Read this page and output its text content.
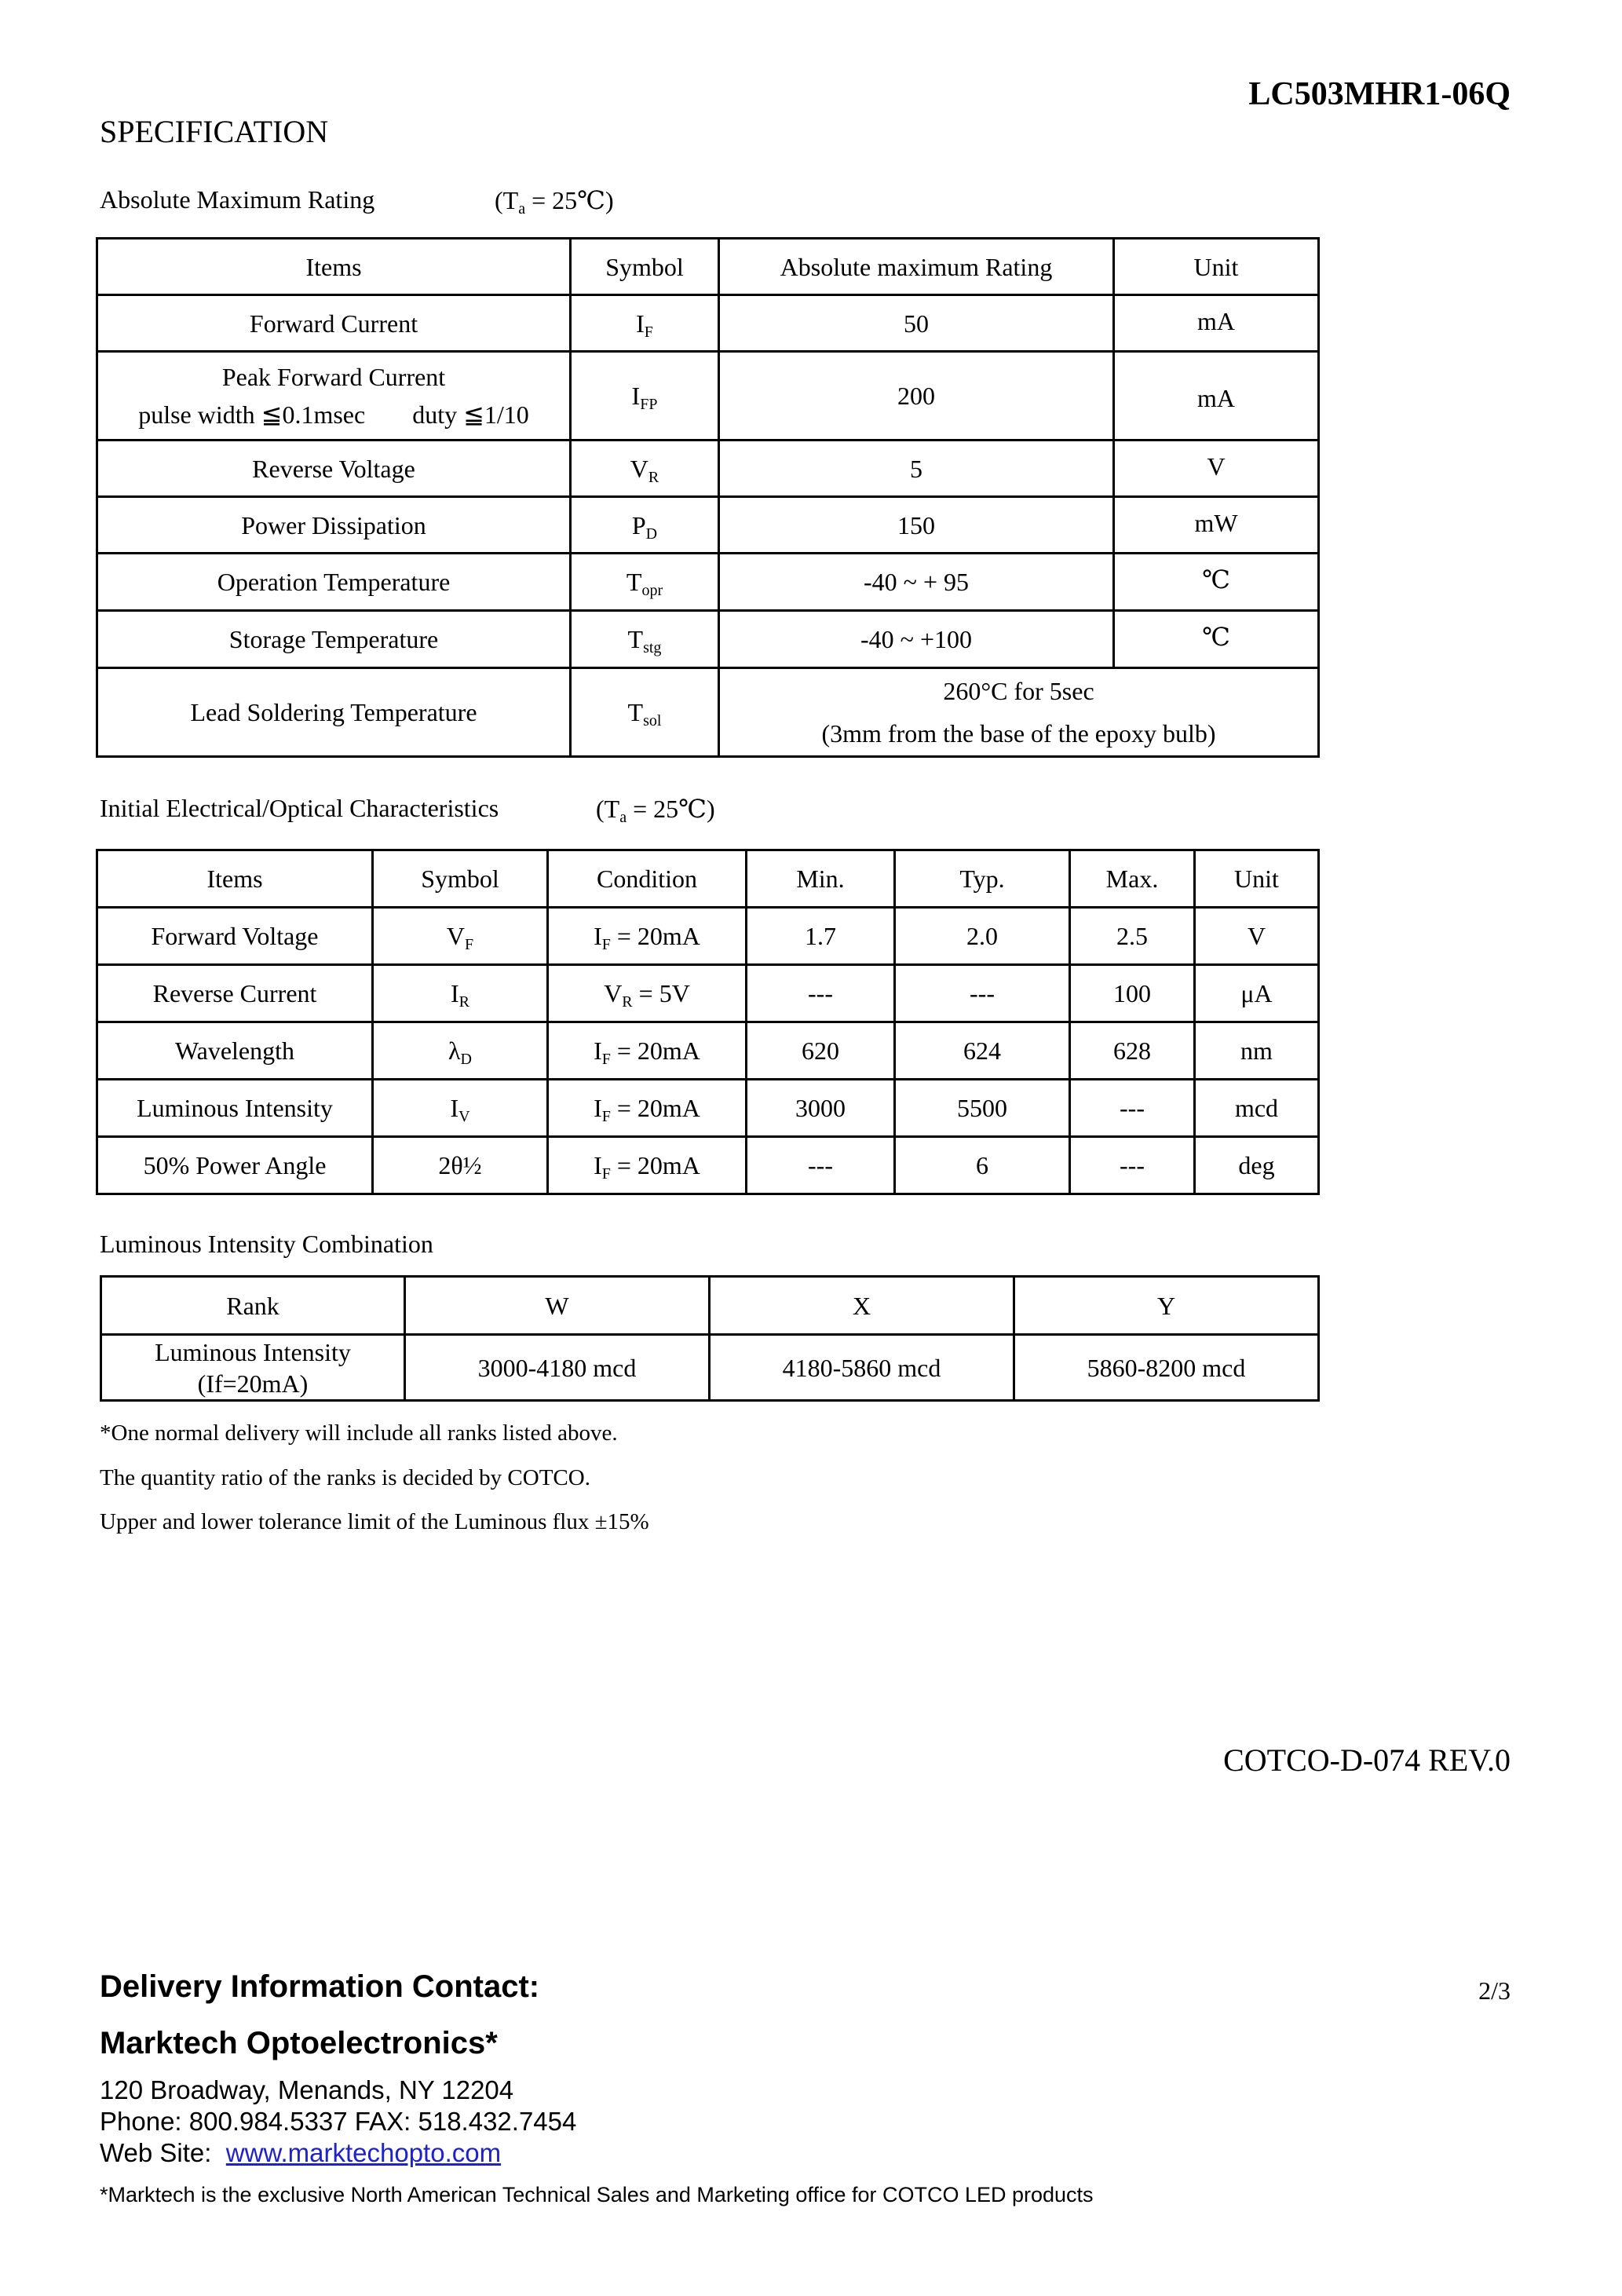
LC503MHR1-06Q
SPECIFICATION
Absolute Maximum Rating	($T_a$ = 25℃)
Items	Symbol	Absolute maximum Rating	Unit
Forward Current	$I_F$	50	mA

Peak Forward Current
pulse width ≦0.1msec duty ≦1/10	$I_{FP}$	200	mA
Reverse Voltage	$V_R$	5	V
Power Dissipation	$P_D$	150	mW
Operation Temperature	$T_{opr}$	-40 ~ + 95	℃
Storage Temperature	$T_{stg}$	-40 ~ +100	℃
Lead Soldering Temperature	$T_{sol}$	260°C for 5sec
(3mm from the base of the epoxy bulb)	
Initial Electrical/Optical Characteristics	($T_a$ = 25℃)
Items	Symbol	Condition	Min.	Typ.	Max.	Unit
Forward Voltage	$V_F$	$I_F = 20mA$	1.7	2.0	2.5	V
Reverse Current	$I_R$	$V_R = 5V$	---	---	100	μA
Wavelength	$\lambda_D$	$I_F = 20mA$	620	624	628	nm
Luminous Intensity	$I_V$	$I_F = 20mA$	3000	5500	---	mcd
50% Power Angle	2θ½	$I_F = 20mA$	---	6	---	deg
Luminous Intensity Combination
Rank	W	X	Y

Luminous Intensity
(If=20mA)	3000-4180 mcd	4180-5860 mcd	5860-8200 mcd
*One normal delivery will include all ranks listed above.
The quantity ratio of the ranks is decided by COTCO.
Upper and lower tolerance limit of the Luminous flux ±15%
COTCO-D-074 REV.0
2/3
Delivery Information Contact:
Marktech Optoelectronics*
120 Broadway, Menands, NY 12204
Phone: 800.984.5337 FAX: 518.432.7454
Web Site:  www.marktechopto.com
*Marktech is the exclusive North American Technical Sales and Marketing office for COTCO LED products
